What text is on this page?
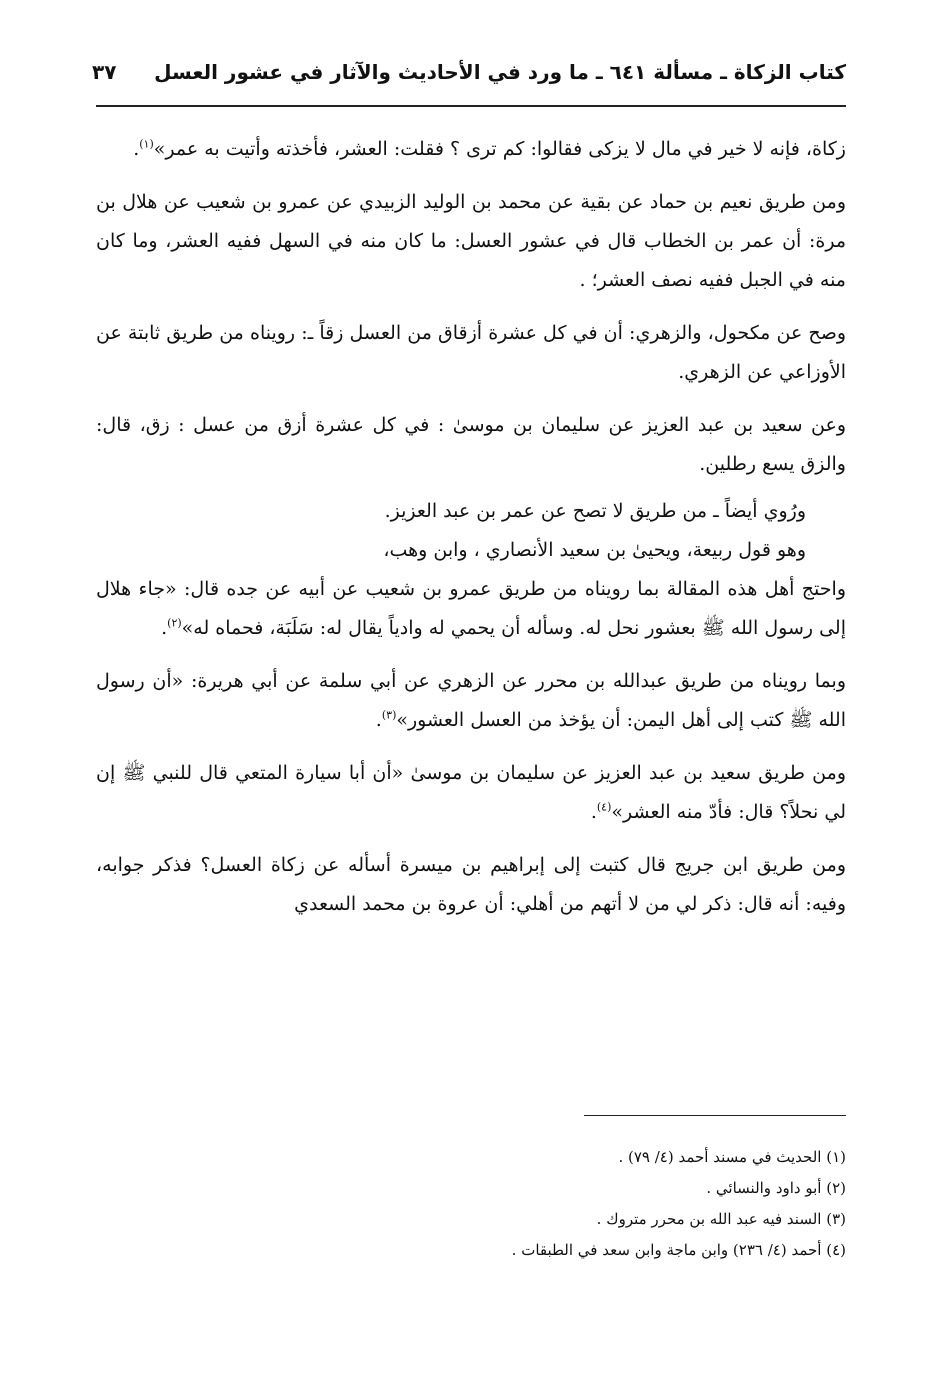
كتاب الزكاة ـ مسألة ٦٤١ ـ ما ورد في الأحاديث والآثار في عشور العسل
٣٧

زكاة، فإنه لا خير في مال لا يزكى فقالوا: كم ترى ؟ فقلت: العشر، فأخذته وأتيت به عمر»$^{(١)}$.

ومن طريق نعيم بن حماد عن بقية عن محمد بن الوليد الزبيدي عن عمرو بن شعيب عن هلال بن مرة: أن عمر بن الخطاب قال في عشور العسل: ما كان منه في السهل ففيه العشر، وما كان منه في الجبل ففيه نصف العشر؛ .

وصح عن مكحول، والزهري: أن في كل عشرة أزقاق من العسل زقاً ـ: رويناه من طريق ثابتة عن الأوزاعي عن الزهري.

وعن سعيد بن عبد العزيز عن سليمان بن موسىٰ : في كل عشرة أزق من عسل : زق، قال: والزق يسع رطلين.

ورُوي أيضاً ـ من طريق لا تصح عن عمر بن عبد العزيز.

وهو قول ربيعة، ويحيىٰ بن سعيد الأنصاري ، وابن وهب،

واحتج أهل هذه المقالة بما رويناه من طريق عمرو بن شعيب عن أبيه عن جده قال: «جاء هلال إلى رسول الله ﷺ بعشور نحل له. وسأله أن يحمي له وادياً يقال له: سَلَبَة، فحماه له»$^{(٢)}$.

وبما رويناه من طريق عبدالله بن محرر عن الزهري عن أبي سلمة عن أبي هريرة: «أن رسول الله ﷺ كتب إلى أهل اليمن: أن يؤخذ من العسل العشور»$^{(٣)}$.

ومن طريق سعيد بن عبد العزيز عن سليمان بن موسىٰ «أن أبا سيارة المتعي قال للنبي ﷺ إن لي نحلاً؟ قال: فأدّ منه العشر»$^{(٤)}$.

ومن طريق ابن جريج قال كتبت إلى إبراهيم بن ميسرة أسأله عن زكاة العسل؟ فذكر جوابه، وفيه: أنه قال: ذكر لي من لا أتهم من أهلي: أن عروة بن محمد السعدي

(١) الحديث في مسند أحمد (٤/ ٧٩) .
(٢) أبو داود والنسائي .
(٣) السند فيه عبد الله بن محرر متروك .
(٤) أحمد (٤/ ٢٣٦) وابن ماجة وابن سعد في الطبقات .
